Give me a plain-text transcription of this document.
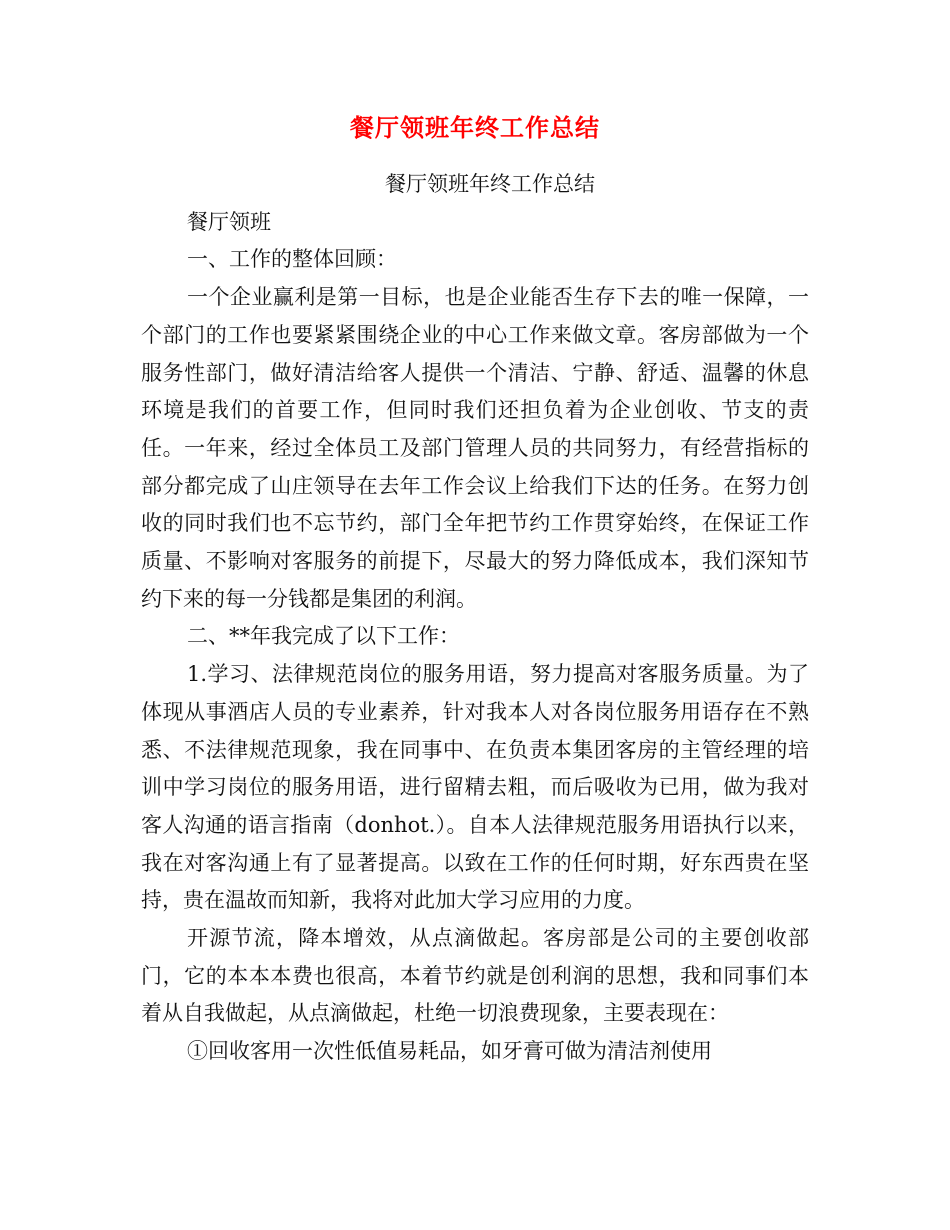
餐厅领班年终工作总结

餐厅领班年终工作总结

餐厅领班

一、工作的整体回顾：

一个企业赢利是第一目标，也是企业能否生存下去的唯一保障，一个部门的工作也要紧紧围绕企业的中心工作来做文章。客房部做为一个服务性部门，做好清洁给客人提供一个清洁、宁静、舒适、温馨的休息环境是我们的首要工作，但同时我们还担负着为企业创收、节支的责任。一年来，经过全体员工及部门管理人员的共同努力，有经营指标的部分都完成了山庄领导在去年工作会议上给我们下达的任务。在努力创收的同时我们也不忘节约，部门全年把节约工作贯穿始终，在保证工作质量、不影响对客服务的前提下，尽最大的努力降低成本，我们深知节约下来的每一分钱都是集团的利润。

二、**年我完成了以下工作：

1.学习、法律规范岗位的服务用语，努力提高对客服务质量。为了体现从事酒店人员的专业素养，针对我本人对各岗位服务用语存在不熟悉、不法律规范现象，我在同事中、在负责本集团客房的主管经理的培训中学习岗位的服务用语，进行留精去粗，而后吸收为已用，做为我对客人沟通的语言指南（donhot.）。自本人法律规范服务用语执行以来，我在对客沟通上有了显著提高。以致在工作的任何时期，好东西贵在坚持，贵在温故而知新，我将对此加大学习应用的力度。

开源节流，降本增效，从点滴做起。客房部是公司的主要创收部门，它的本本本费也很高，本着节约就是创利润的思想，我和同事们本着从自我做起，从点滴做起，杜绝一切浪费现象，主要表现在：

①回收客用一次性低值易耗品，如牙膏可做为清洁剂使用
